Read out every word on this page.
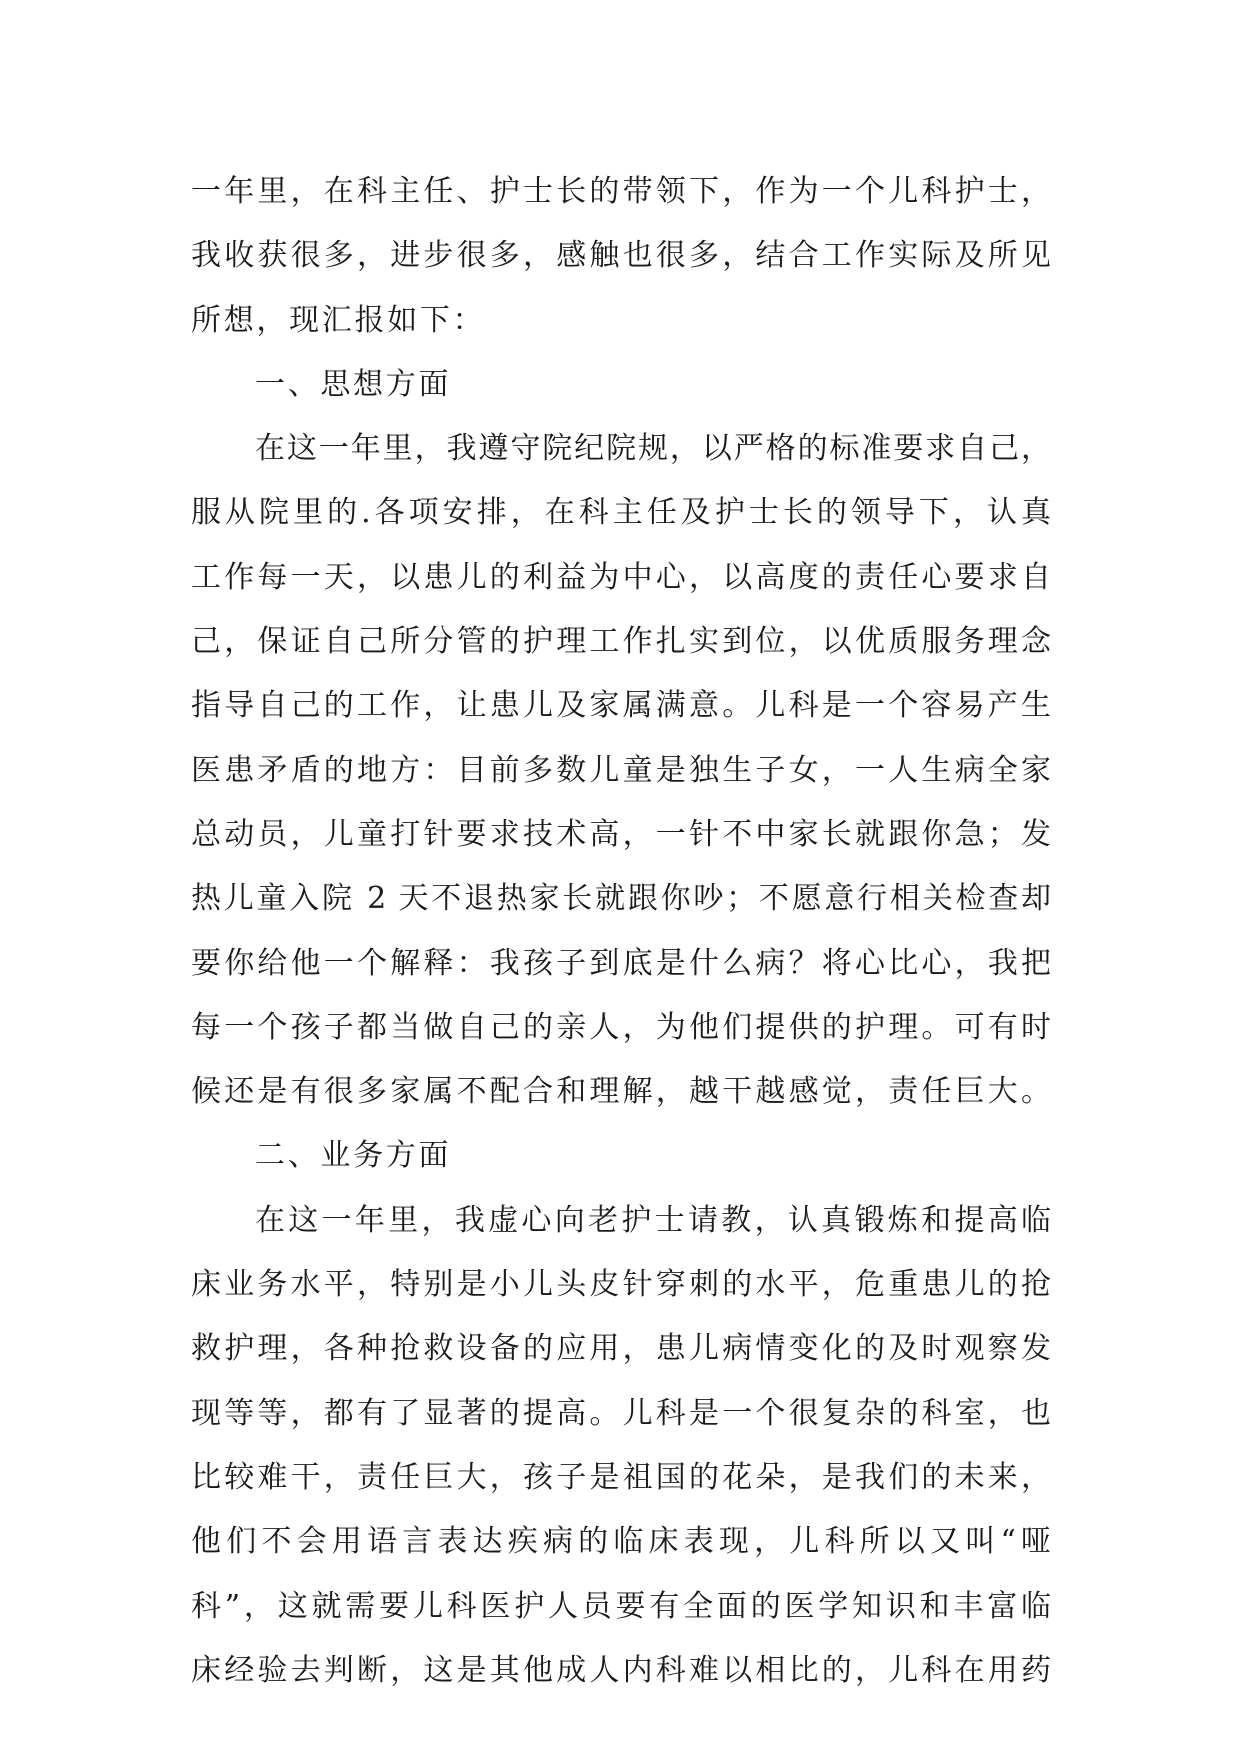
一年里，在科主任、护士长的带领下，作为一个儿科护士，
我收获很多，进步很多，感触也很多，结合工作实际及所见
所想，现汇报如下：
一、思想方面
在这一年里，我遵守院纪院规，以严格的标准要求自己，
服从院里的.各项安排，在科主任及护士长的领导下，认真
工作每一天，以患儿的利益为中心，以高度的责任心要求自
己，保证自己所分管的护理工作扎实到位，以优质服务理念
指导自己的工作，让患儿及家属满意。儿科是一个容易产生
医患矛盾的地方：目前多数儿童是独生子女，一人生病全家
总动员，儿童打针要求技术高，一针不中家长就跟你急；发
热儿童入院 2 天不退热家长就跟你吵；不愿意行相关检查却
要你给他一个解释：我孩子到底是什么病？将心比心，我把
每一个孩子都当做自己的亲人，为他们提供的护理。可有时
候还是有很多家属不配合和理解，越干越感觉，责任巨大。
二、业务方面
在这一年里，我虚心向老护士请教，认真锻炼和提高临
床业务水平，特别是小儿头皮针穿刺的水平，危重患儿的抢
救护理，各种抢救设备的应用，患儿病情变化的及时观察发
现等等，都有了显著的提高。儿科是一个很复杂的科室，也
比较难干，责任巨大，孩子是祖国的花朵，是我们的未来，
他们不会用语言表达疾病的临床表现，儿科所以又叫“哑
科”，这就需要儿科医护人员要有全面的医学知识和丰富临
床经验去判断，这是其他成人内科难以相比的，儿科在用药
